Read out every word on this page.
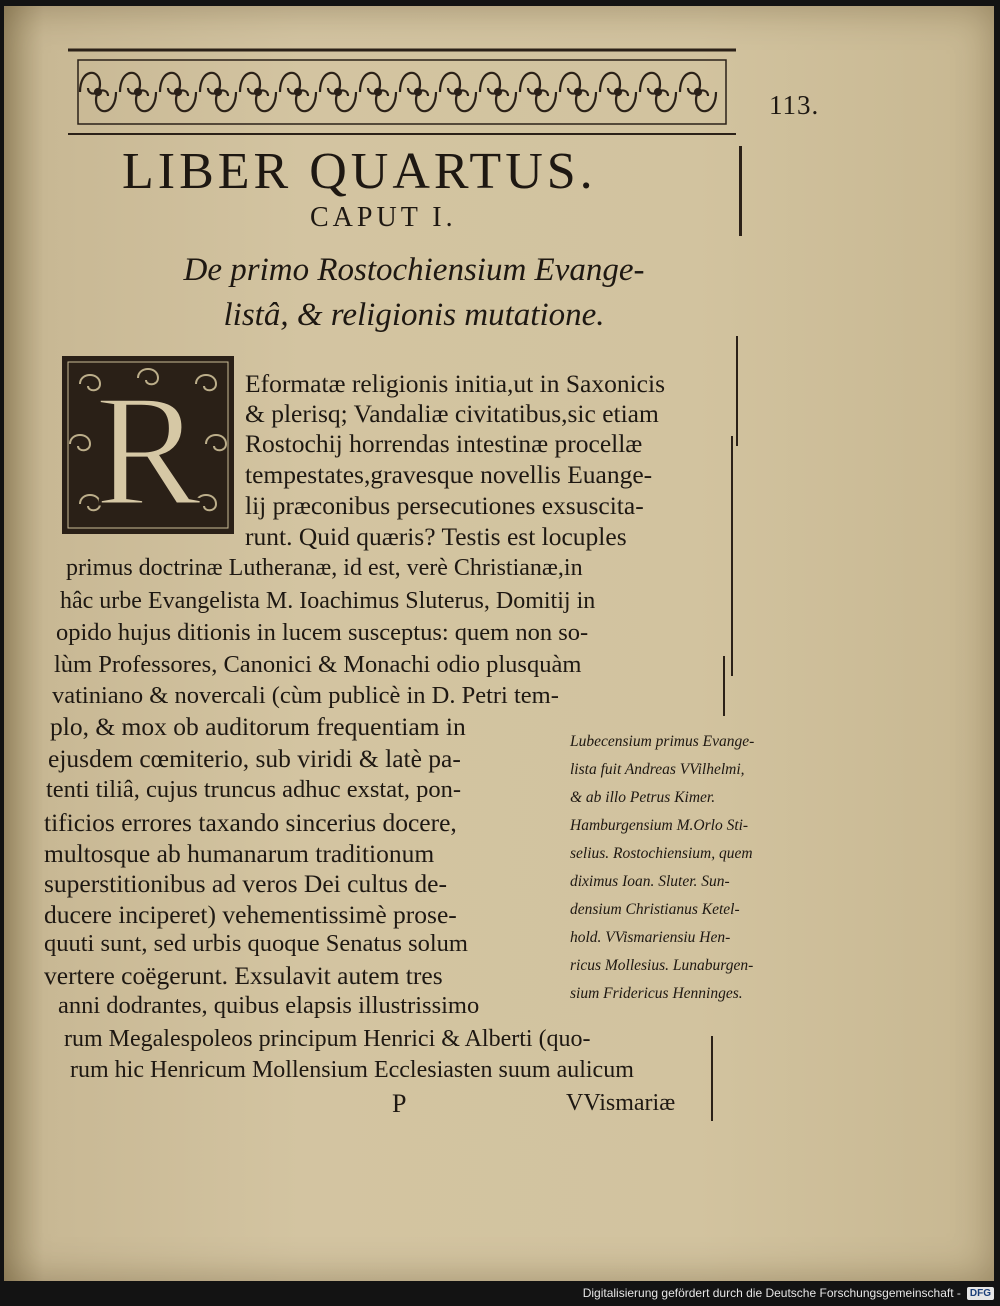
113.
LIBER QUARTUS.
CAPUT I.
De primo Rostochiensium Evange-
listâ, & religionis mutatione.
R Eformatæ religionis initia,ut in Saxonicis
& plerisq; Vandaliæ civitatibus,sic etiam
Rostochij horrendas intestinæ procellæ
tempestates,gravesque novellis Euange-
lij præconibus persecutiones exsuscita-
runt. Quid quæris? Testis est locuples
primus doctrinæ Lutheranæ, id est, verè Christianæ,in
hâc urbe Evangelista M. Ioachimus Sluterus, Domitij in
opido hujus ditionis in lucem susceptus: quem non so-
lùm Professores, Canonici & Monachi odio plusquàm
vatiniano & novercali (cùm publicè in D. Petri tem-
plo, & mox ob auditorum frequentiam in
ejusdem cœmiterio, sub viridi & latè pa-
tenti tiliâ, cujus truncus adhuc exstat, pon-
tificios errores taxando sincerius docere,
multosque ab humanarum traditionum
superstitionibus ad veros Dei cultus de-
ducere inciperet) vehementissimè prose-
quuti sunt, sed urbis quoque Senatus solum
vertere coëgerunt. Exsulavit autem tres
anni dodrantes, quibus elapsis illustrissimo
rum Megalespoleos principum Henrici & Alberti (quo-
rum hic Henricum Mollensium Ecclesiasten suum aulicum
Lubecensium primus Evange-
lista fuit Andreas VVilhelmi,
& ab illo Petrus Kimer.
Hamburgensium M.Orlo Sti-
selius. Rostochiensium, quem
diximus Ioan. Sluter. Sun-
densium Christianus Ketel-
hold. VVismariensiu Hen-
ricus Mollesius. Lunaburgen-
sium Fridericus Henninges.
P	VVismariæ
Digitalisierung gefördert durch die Deutsche Forschungsgemeinschaft - DFG
